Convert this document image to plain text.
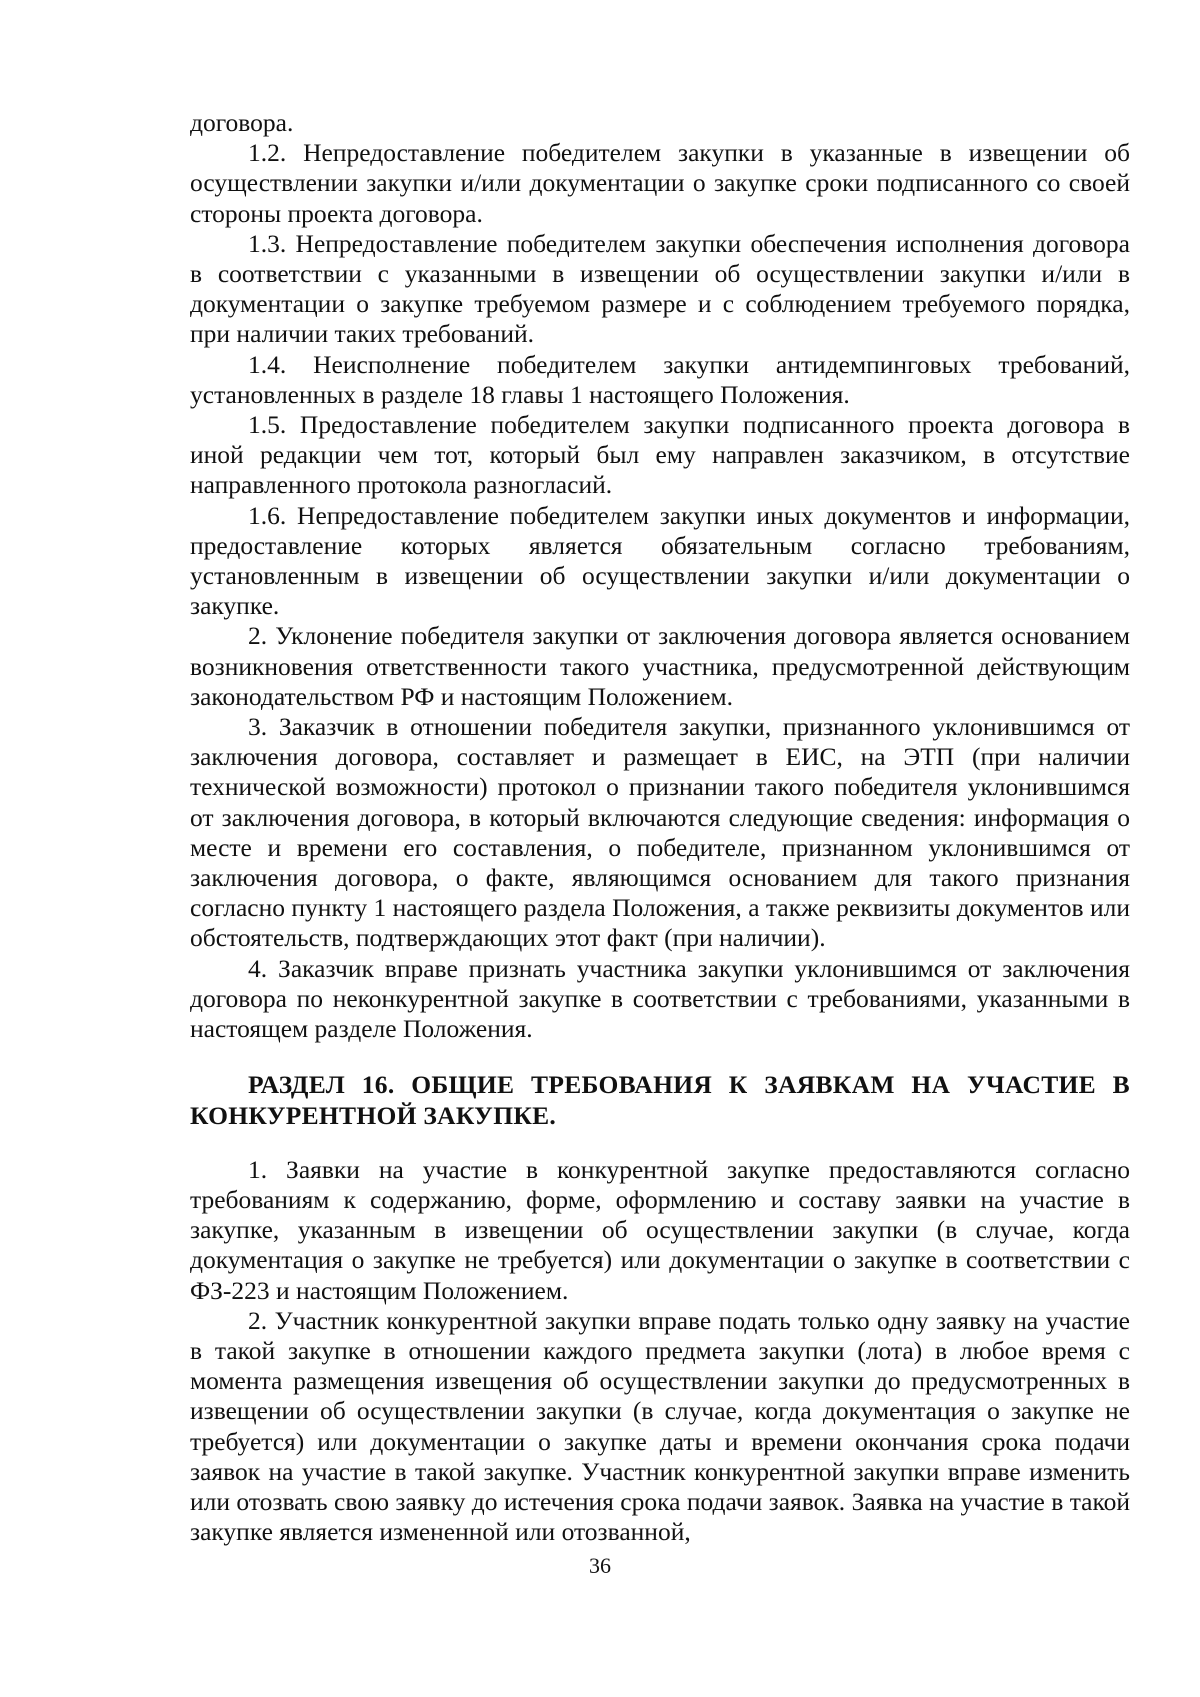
договора.

1.2. Непредоставление победителем закупки в указанные в извещении об осуществлении закупки и/или документации о закупке сроки подписанного со своей стороны проекта договора.

1.3. Непредоставление победителем закупки обеспечения исполнения договора в соответствии с указанными в извещении об осуществлении закупки и/или в документации о закупке требуемом размере и с соблюдением требуемого порядка, при наличии таких требований.

1.4. Неисполнение победителем закупки антидемпинговых требований, установленных в разделе 18 главы 1 настоящего Положения.

1.5. Предоставление победителем закупки подписанного проекта договора в иной редакции чем тот, который был ему направлен заказчиком, в отсутствие направленного протокола разногласий.

1.6. Непредоставление победителем закупки иных документов и информации, предоставление которых является обязательным согласно требованиям, установленным в извещении об осуществлении закупки и/или документации о закупке.

2. Уклонение победителя закупки от заключения договора является основанием возникновения ответственности такого участника, предусмотренной действующим законодательством РФ и настоящим Положением.

3. Заказчик в отношении победителя закупки, признанного уклонившимся от заключения договора, составляет и размещает в ЕИС, на ЭТП (при наличии технической возможности) протокол о признании такого победителя уклонившимся от заключения договора, в который включаются следующие сведения: информация о месте и времени его составления, о победителе, признанном уклонившимся от заключения договора, о факте, являющимся основанием для такого признания согласно пункту 1 настоящего раздела Положения, а также реквизиты документов или обстоятельств, подтверждающих этот факт (при наличии).

4. Заказчик вправе признать участника закупки уклонившимся от заключения договора по неконкурентной закупке в соответствии с требованиями, указанными в настоящем разделе Положения.

РАЗДЕЛ 16. ОБЩИЕ ТРЕБОВАНИЯ К ЗАЯВКАМ НА УЧАСТИЕ В КОНКУРЕНТНОЙ ЗАКУПКЕ.

1. Заявки на участие в конкурентной закупке предоставляются согласно требованиям к содержанию, форме, оформлению и составу заявки на участие в закупке, указанным в извещении об осуществлении закупки (в случае, когда документация о закупке не требуется) или документации о закупке в соответствии с ФЗ-223 и настоящим Положением.

2. Участник конкурентной закупки вправе подать только одну заявку на участие в такой закупке в отношении каждого предмета закупки (лота) в любое время с момента размещения извещения об осуществлении закупки до предусмотренных в извещении об осуществлении закупки (в случае, когда документация о закупке не требуется) или документации о закупке даты и времени окончания срока подачи заявок на участие в такой закупке. Участник конкурентной закупки вправе изменить или отозвать свою заявку до истечения срока подачи заявок. Заявка на участие в такой закупке является измененной или отозванной,

36
